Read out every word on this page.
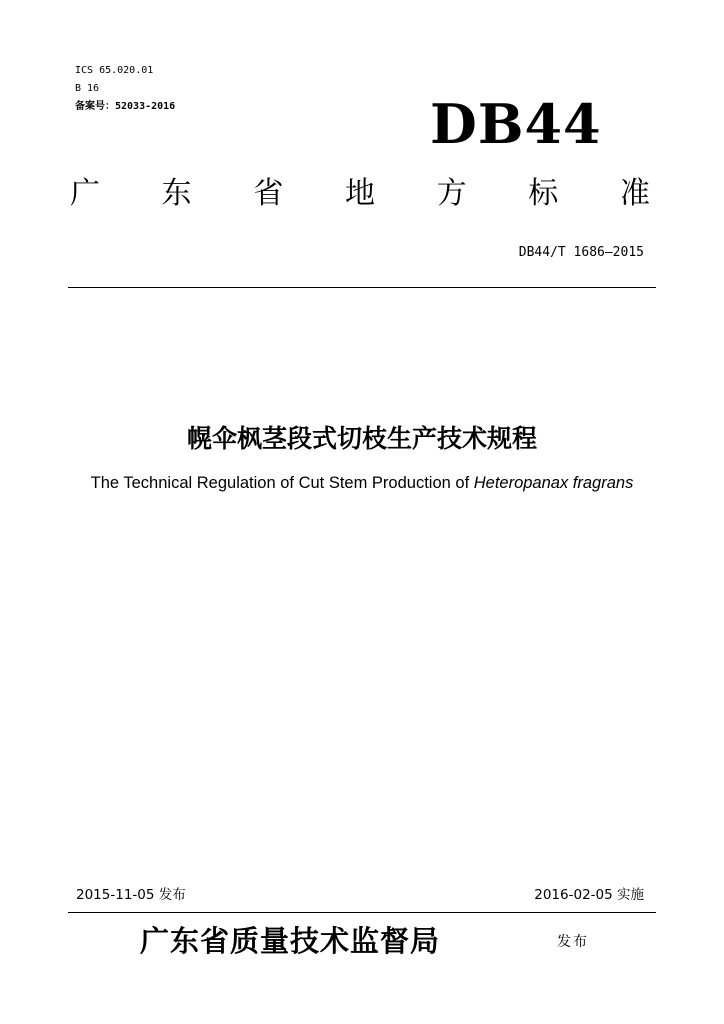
ICS 65.020.01
B 16
备案号：52033-2016	DB44
广 东 省 地 方 标 准
DB44/T 1686—2015
幌伞枫茎段式切枝生产技术规程
The Technical Regulation of Cut Stem Production of Heteropanax fragrans
2015-11-05 发布	2016-02-05 实施
广东省质量技术监督局	发布
